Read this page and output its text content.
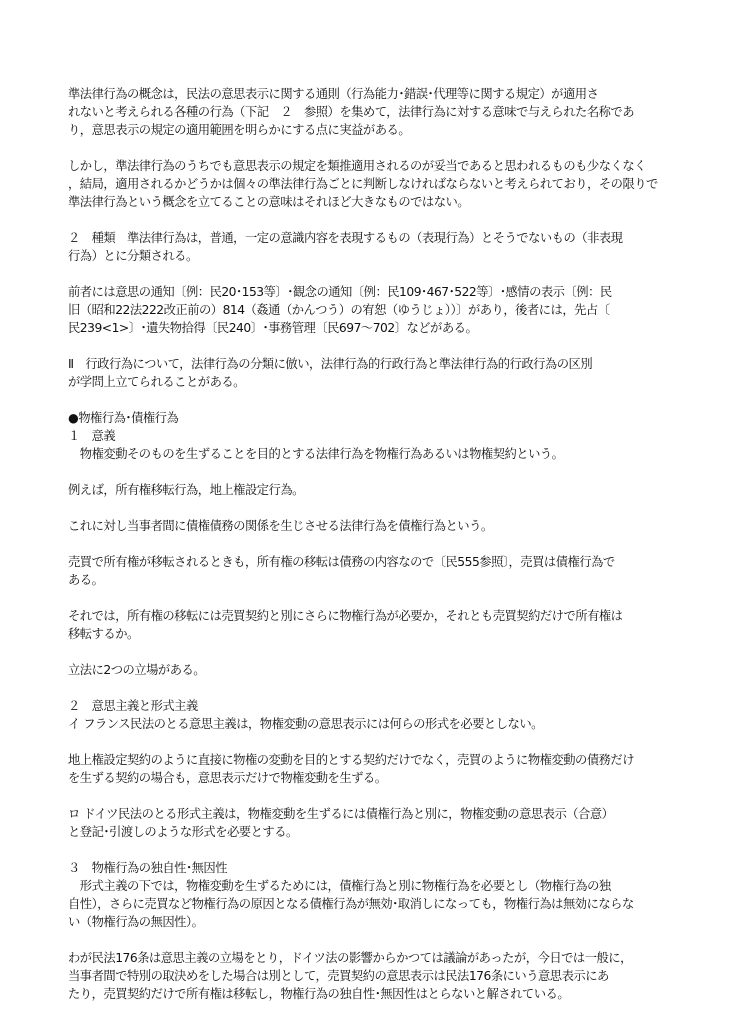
準法律行為の概念は，民法の意思表示に関する通則（行為能力･錯誤･代理等に関する規定）が適用さ
れないと考えられる各種の行為（下記　２　参照）を集めて，法律行為に対する意味で与えられた名称であ
り，意思表示の規定の適用範囲を明らかにする点に実益がある。
しかし，準法律行為のうちでも意思表示の規定を類推適用されるのが妥当であると思われるものも少なくなく
，結局，適用されるかどうかは個々の準法律行為ごとに判断しなければならないと考えられており，その限りで
準法律行為という概念を立てることの意味はそれほど大きなものではない。
２　種類　準法律行為は，普通，一定の意識内容を表現するもの（表現行為）とそうでないもの（非表現
行為）とに分類される。
前者には意思の通知〔例：民20･153等〕･観念の通知〔例：民109･467･522等〕･感情の表示〔例：民
旧（昭和22法222改正前の）814（姦通（かんつう）の宥恕（ゆうじょ））〕があり，後者には，先占〔
民239<1>〕･遺失物拾得〔民240〕･事務管理〔民697～702〕などがある。
Ⅱ　行政行為について，法律行為の分類に倣い，法律行為的行政行為と準法律行為的行政行為の区別
が学問上立てられることがある。
●物権行為･債権行為
１　意義
　物権変動そのものを生ずることを目的とする法律行為を物権行為あるいは物権契約という。
例えば，所有権移転行為，地上権設定行為。
これに対し当事者間に債権債務の関係を生じさせる法律行為を債権行為という。
売買で所有権が移転されるときも，所有権の移転は債務の内容なので〔民555参照〕，売買は債権行為で
ある。
それでは，所有権の移転には売買契約と別にさらに物権行為が必要か，それとも売買契約だけで所有権は
移転するか。
立法に2つの立場がある。
２　意思主義と形式主義
イ フランス民法のとる意思主義は，物権変動の意思表示には何らの形式を必要としない。
地上権設定契約のように直接に物権の変動を目的とする契約だけでなく，売買のように物権変動の債務だけ
を生ずる契約の場合も，意思表示だけで物権変動を生ずる。
ロ ドイツ民法のとる形式主義は，物権変動を生ずるには債権行為と別に，物権変動の意思表示（合意）
と登記･引渡しのような形式を必要とする。
３　物権行為の独自性･無因性
　形式主義の下では，物権変動を生ずるためには，債権行為と別に物権行為を必要とし（物権行為の独
自性），さらに売買など物権行為の原因となる債権行為が無効･取消しになっても，物権行為は無効にならな
い（物権行為の無因性）。
わが民法176条は意思主義の立場をとり，ドイツ法の影響からかつては議論があったが，今日では一般に，
当事者間で特別の取決めをした場合は別として，売買契約の意思表示は民法176条にいう意思表示にあ
たり，売買契約だけで所有権は移転し，物権行為の独自性･無因性はとらないと解されている。
